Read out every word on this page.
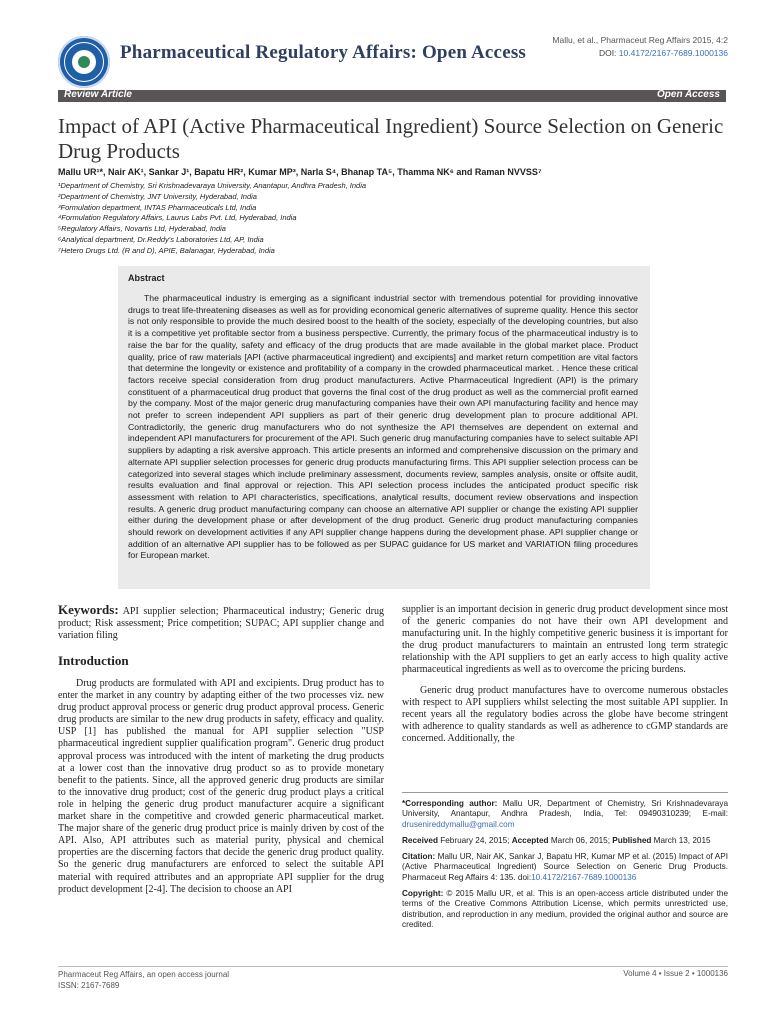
Pharmaceutical Regulatory Affairs: Open Access
Mallu, et al., Pharmaceut Reg Affairs 2015, 4:2
DOI: 10.4172/2167-7689.1000136
Review Article	Open Access
Impact of API (Active Pharmaceutical Ingredient) Source Selection on Generic Drug Products
Mallu UR¹*, Nair AK¹, Sankar J¹, Bapatu HR², Kumar MP³, Narla S⁴, Bhanap TA⁵, Thamma NK⁶ and Raman NVVSS⁷
¹Department of Chemistry, Sri Krishnadevaraya University, Anantapur, Andhra Pradesh, India
²Department of Chemistry, JNT University, Hyderabad, India
³Formulation department, INTAS Pharmaceuticals Ltd, India
⁴Formulation Regulatory Affairs, Laurus Labs Pvt. Ltd, Hyderabad, India
⁵Regulatory Affairs, Novartis Ltd, Hyderabad, India
⁶Analytical department, Dr.Reddy's Laboratories Ltd, AP, India
⁷Hetero Drugs Ltd. (R and D), APIE, Balanagar, Hyderabad, India
Abstract
The pharmaceutical industry is emerging as a significant industrial sector with tremendous potential for providing innovative drugs to treat life-threatening diseases as well as for providing economical generic alternatives of supreme quality. Hence this sector is not only responsible to provide the much desired boost to the health of the society, especially of the developing countries, but also it is a competitive yet profitable sector from a business perspective. Currently, the primary focus of the pharmaceutical industry is to raise the bar for the quality, safety and efficacy of the drug products that are made available in the global market place. Product quality, price of raw materials [API (active pharmaceutical ingredient) and excipients] and market return competition are vital factors that determine the longevity or existence and profitability of a company in the crowded pharmaceutical market. . Hence these critical factors receive special consideration from drug product manufacturers. Active Pharmaceutical Ingredient (API) is the primary constituent of a pharmaceutical drug product that governs the final cost of the drug product as well as the commercial profit earned by the company. Most of the major generic drug manufacturing companies have their own API manufacturing facility and hence may not prefer to screen independent API suppliers as part of their generic drug development plan to procure additional API. Contradictorily, the generic drug manufacturers who do not synthesize the API themselves are dependent on external and independent API manufacturers for procurement of the API. Such generic drug manufacturing companies have to select suitable API suppliers by adapting a risk aversive approach. This article presents an informed and comprehensive discussion on the primary and alternate API supplier selection processes for generic drug products manufacturing firms. This API supplier selection process can be categorized into several stages which include preliminary assessment, documents review, samples analysis, onsite or offsite audit, results evaluation and final approval or rejection. This API selection process includes the anticipated product specific risk assessment with relation to API characteristics, specifications, analytical results, document review observations and inspection results. A generic drug product manufacturing company can choose an alternative API supplier or change the existing API supplier either during the development phase or after development of the drug product. Generic drug product manufacturing companies should rework on development activities if any API supplier change happens during the development phase. API supplier change or addition of an alternative API supplier has to be followed as per SUPAC guidance for US market and VARIATION filing procedures for European market.
Keywords: API supplier selection; Pharmaceutical industry; Generic drug product; Risk assessment; Price competition; SUPAC; API supplier change and variation filing
Introduction

Drug products are formulated with API and excipients. Drug product has to enter the market in any country by adapting either of the two processes viz. new drug product approval process or generic drug product approval process. Generic drug products are similar to the new drug products in safety, efficacy and quality. USP [1] has published the manual for API supplier selection "USP pharmaceutical ingredient supplier qualification program". Generic drug product approval process was introduced with the intent of marketing the drug products at a lower cost than the innovative drug product so as to provide monetary benefit to the patients. Since, all the approved generic drug products are similar to the innovative drug product; cost of the generic drug product plays a critical role in helping the generic drug product manufacturer acquire a significant market share in the competitive and crowded generic pharmaceutical market. The major share of the generic drug product price is mainly driven by cost of the API. Also, API attributes such as material purity, physical and chemical properties are the discerning factors that decide the generic drug product quality. So the generic drug manufacturers are enforced to select the suitable API material with required attributes and an appropriate API supplier for the drug product development [2-4]. The decision to choose an API

supplier is an important decision in generic drug product development since most of the generic companies do not have their own API development and manufacturing unit. In the highly competitive generic business it is important for the drug product manufacturers to maintain an entrusted long term strategic relationship with the API suppliers to get an early access to high quality active pharmaceutical ingredients as well as to overcome the pricing burdens.

Generic drug product manufactures have to overcome numerous obstacles with respect to API suppliers whilst selecting the most suitable API supplier. In recent years all the regulatory bodies across the globe have become stringent with adherence to quality standards as well as adherence to cGMP standards are concerned. Additionally, the

*Corresponding author: Mallu UR, Department of Chemistry, Sri Krishnadevaraya University, Anantapur, Andhra Pradesh, India, Tel: 09490310239; E-mail: drusenireddymallu@gmail.com
Received February 24, 2015; Accepted March 06, 2015; Published March 13, 2015
Citation: Mallu UR, Nair AK, Sankar J, Bapatu HR, Kumar MP et al. (2015) Impact of API (Active Pharmaceutical Ingredient) Source Selection on Generic Drug Products. Pharmaceut Reg Affairs 4: 135. doi:10.4172/2167-7689.1000136
Copyright: © 2015 Mallu UR, et al. This is an open-access article distributed under the terms of the Creative Commons Attribution License, which permits unrestricted use, distribution, and reproduction in any medium, provided the original author and source are credited.
Pharmaceut Reg Affairs, an open access journal
ISSN: 2167-7689
Volume 4 • Issue 2 • 1000136
